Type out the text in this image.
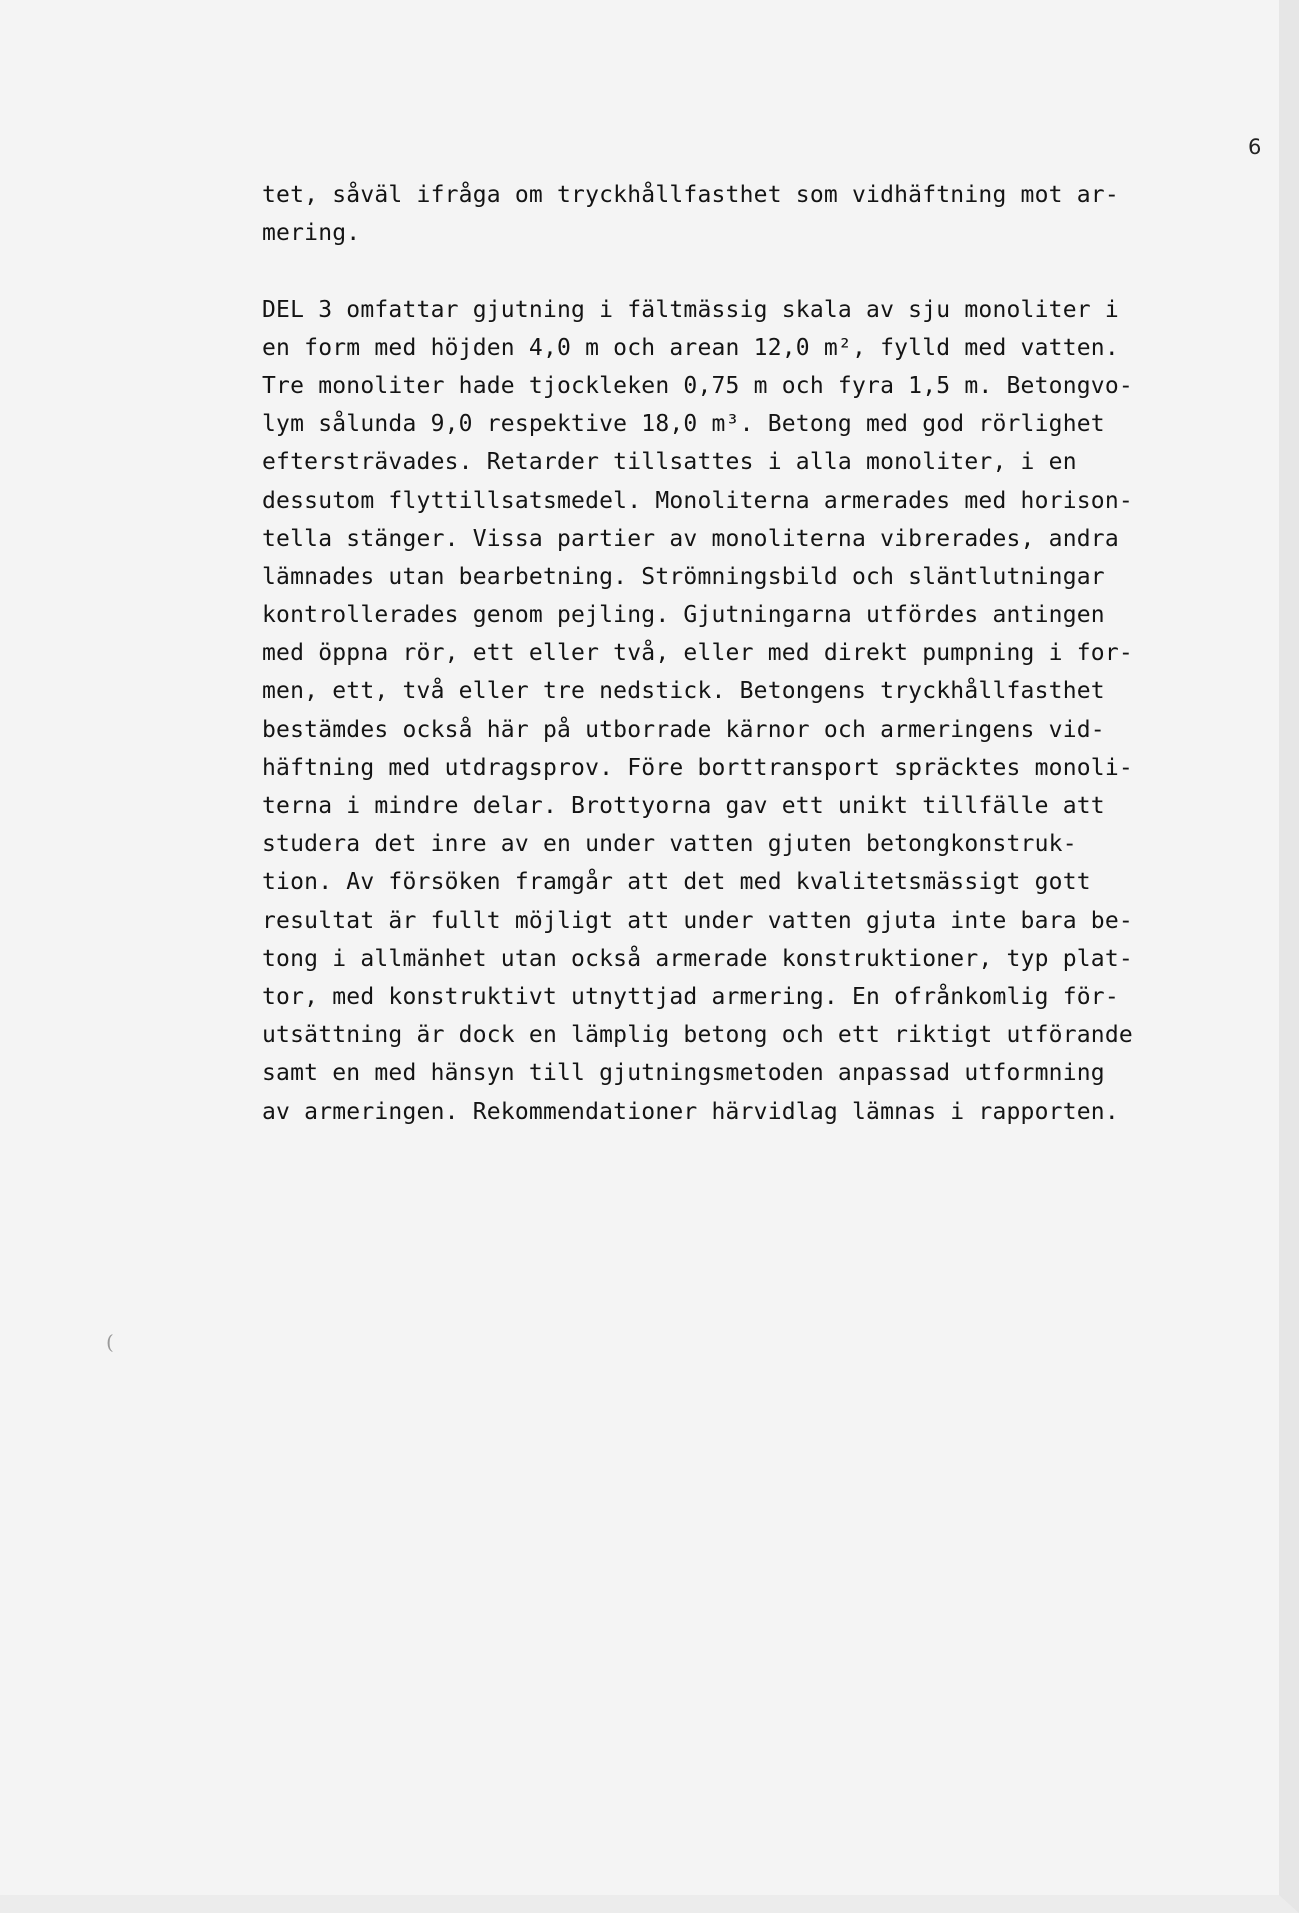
6
tet, såväl ifråga om tryckhållfasthet som vidhäftning mot ar-
mering.
DEL 3 omfattar gjutning i fältmässig skala av sju monoliter i
en form med höjden 4,0 m och arean 12,0 m², fylld med vatten.
Tre monoliter hade tjockleken 0,75 m och fyra 1,5 m. Betongvo-
lym sålunda 9,0 respektive 18,0 m³. Betong med god rörlighet
eftersträvades. Retarder tillsattes i alla monoliter, i en
dessutom flyttillsatsmedel. Monoliterna armerades med horison-
tella stänger. Vissa partier av monoliterna vibrerades, andra
lämnades utan bearbetning. Strömningsbild och släntlutningar
kontrollerades genom pejling. Gjutningarna utfördes antingen
med öppna rör, ett eller två, eller med direkt pumpning i for-
men, ett, två eller tre nedstick. Betongens tryckhållfasthet
bestämdes också här på utborrade kärnor och armeringens vid-
häftning med utdragsprov. Före borttransport spräcktes monoli-
terna i mindre delar. Brottyorna gav ett unikt tillfälle att
studera det inre av en under vatten gjuten betongkonstruk-
tion. Av försöken framgår att det med kvalitetsmässigt gott
resultat är fullt möjligt att under vatten gjuta inte bara be-
tong i allmänhet utan också armerade konstruktioner, typ plat-
tor, med konstruktivt utnyttjad armering. En ofrånkomlig för-
utsättning är dock en lämplig betong och ett riktigt utförande
samt en med hänsyn till gjutningsmetoden anpassad utformning
av armeringen. Rekommendationer härvidlag lämnas i rapporten.
(
